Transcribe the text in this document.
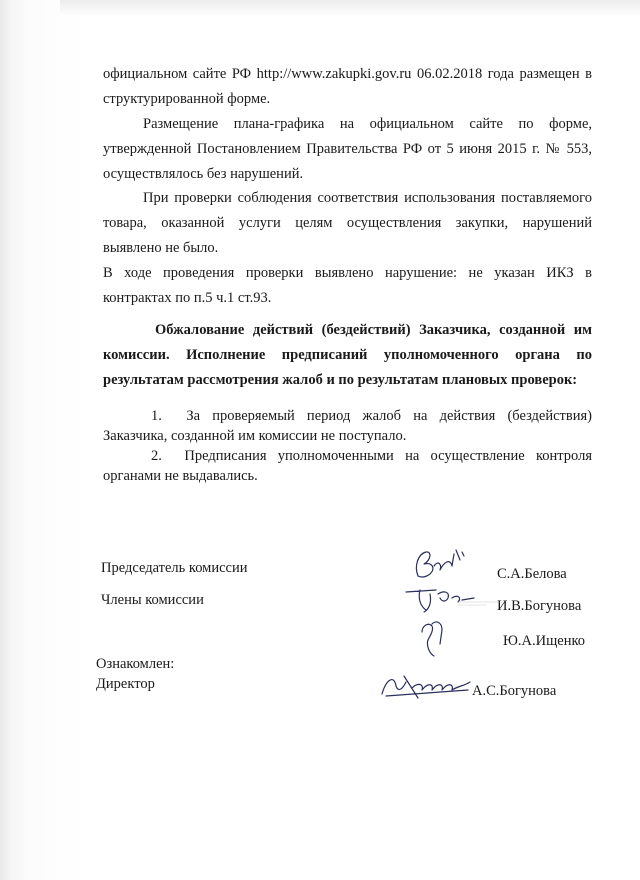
официальном сайте РФ http://www.zakupki.gov.ru 06.02.2018 года размещен в
структурированной форме.
Размещение плана-графика на официальном сайте по форме,
утвержденной Постановлением Правительства РФ от 5 июня 2015 г. № 553,
осуществлялось без нарушений.
При проверки соблюдения соответствия использования поставляемого
товара, оказанной услуги целям осуществления закупки, нарушений
выявлено не было.
В ходе проведения проверки выявлено нарушение: не указан ИКЗ в
контрактах по п.5 ч.1 ст.93.
Обжалование действий (бездействий) Заказчика, созданной им
комиссии. Исполнение предписаний уполномоченного органа по
результатам рассмотрения жалоб и по результатам плановых проверок:
1. За проверяемый период жалоб на действия (бездействия)
Заказчика, созданной им комиссии не поступало.
2. Предписания уполномоченными на осуществление контроля
органами не выдавались.
Председатель комиссии	С.А.Белова
Члены комиссии	И.В.Богунова
Ю.А.Ищенко
Ознакомлен:
Директор	А.С.Богунова
